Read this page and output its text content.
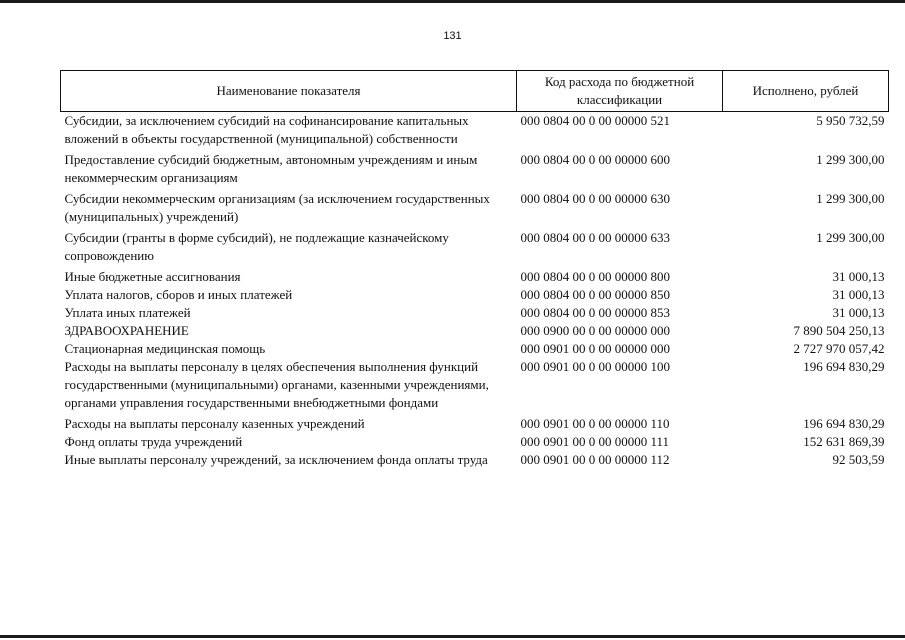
131
Наименование показателя	Код расхода по бюджетной классификации	Исполнено, рублей
Субсидии, за исключением субсидий на софинансирование капитальных вложений в объекты государственной (муниципальной) собственности	000 0804 00 0 00 00000 521	5 950 732,59
Предоставление субсидий бюджетным, автономным учреждениям и иным некоммерческим организациям	000 0804 00 0 00 00000 600	1 299 300,00
Субсидии некоммерческим организациям (за исключением государственных (муниципальных) учреждений)	000 0804 00 0 00 00000 630	1 299 300,00
Субсидии (гранты в форме субсидий), не подлежащие казначейскому сопровождению	000 0804 00 0 00 00000 633	1 299 300,00
Иные бюджетные ассигнования	000 0804 00 0 00 00000 800	31 000,13
Уплата налогов, сборов и иных платежей	000 0804 00 0 00 00000 850	31 000,13
Уплата иных платежей	000 0804 00 0 00 00000 853	31 000,13
ЗДРАВООХРАНЕНИЕ	000 0900 00 0 00 00000 000	7 890 504 250,13
Стационарная медицинская помощь	000 0901 00 0 00 00000 000	2 727 970 057,42
Расходы на выплаты персоналу в целях обеспечения выполнения функций государственными (муниципальными) органами, казенными учреждениями, органами управления государственными внебюджетными фондами	000 0901 00 0 00 00000 100	196 694 830,29
Расходы на выплаты персоналу казенных учреждений	000 0901 00 0 00 00000 110	196 694 830,29
Фонд оплаты труда учреждений	000 0901 00 0 00 00000 111	152 631 869,39
Иные выплаты персоналу учреждений, за исключением фонда оплаты труда	000 0901 00 0 00 00000 112	92 503,59
